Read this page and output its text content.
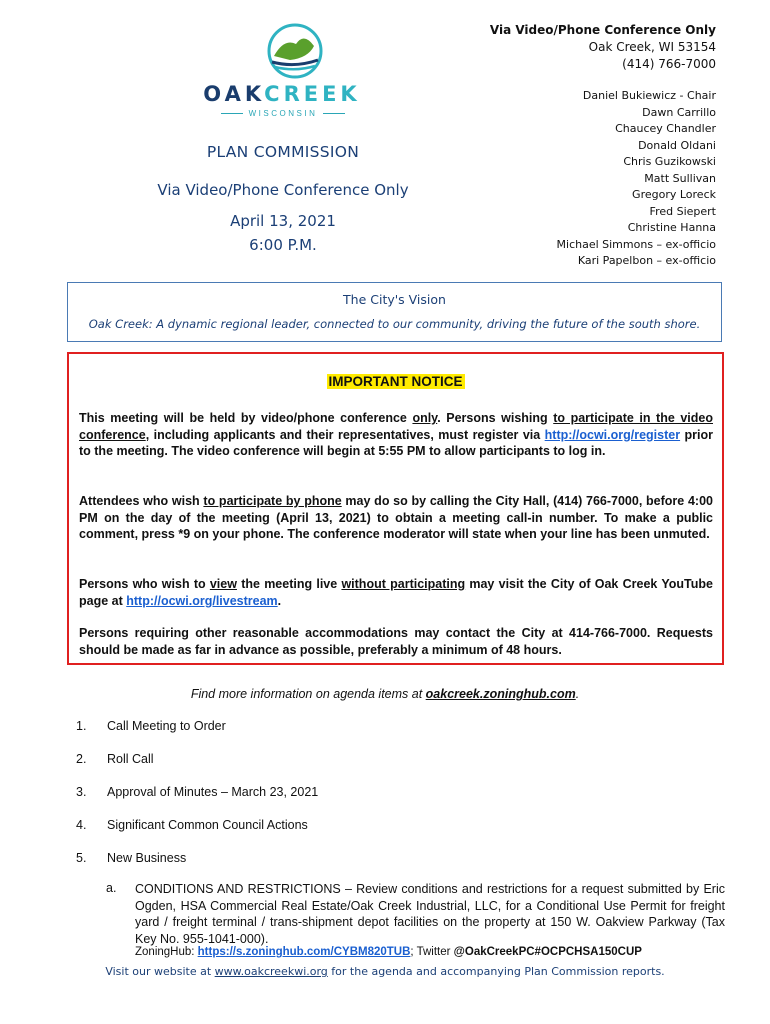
OAKCREEK
WISCONSIN
PLAN COMMISSION
Via Video/Phone Conference Only
April 13, 2021
6:00 P.M.
Via Video/Phone Conference Only
Oak Creek, WI 53154
(414) 766-7000
Daniel Bukiewicz - Chair
Dawn Carrillo
Chaucey Chandler
Donald Oldani
Chris Guzikowski
Matt Sullivan
Gregory Loreck
Fred Siepert
Christine Hanna
Michael Simmons – ex-officio
Kari Papelbon – ex-officio
The City's Vision
Oak Creek: A dynamic regional leader, connected to our community, driving the future of the south shore.
IMPORTANT NOTICE
This meeting will be held by video/phone conference only. Persons wishing to participate in the video conference, including applicants and their representatives, must register via http://ocwi.org/register prior to the meeting. The video conference will begin at 5:55 PM to allow participants to log in.
Attendees who wish to participate by phone may do so by calling the City Hall, (414) 766-7000, before 4:00 PM on the day of the meeting (April 13, 2021) to obtain a meeting call-in number. To make a public comment, press *9 on your phone. The conference moderator will state when your line has been unmuted.
Persons who wish to view the meeting live without participating may visit the City of Oak Creek YouTube page at http://ocwi.org/livestream.
Persons requiring other reasonable accommodations may contact the City at 414-766-7000. Requests should be made as far in advance as possible, preferably a minimum of 48 hours.
Find more information on agenda items at oakcreek.zoninghub.com.
1. Call Meeting to Order
2. Roll Call
3. Approval of Minutes – March 23, 2021
4. Significant Common Council Actions
5. New Business
a. CONDITIONS AND RESTRICTIONS – Review conditions and restrictions for a request submitted by Eric Ogden, HSA Commercial Real Estate/Oak Creek Industrial, LLC, for a Conditional Use Permit for freight yard / freight terminal / trans-shipment depot facilities on the property at 150 W. Oakview Parkway (Tax Key No. 955-1041-000).
ZoningHub: https://s.zoninghub.com/CYBM820TUB; Twitter @OakCreekPC#OCPCHSA150CUP
Visit our website at www.oakcreekwi.org for the agenda and accompanying Plan Commission reports.
